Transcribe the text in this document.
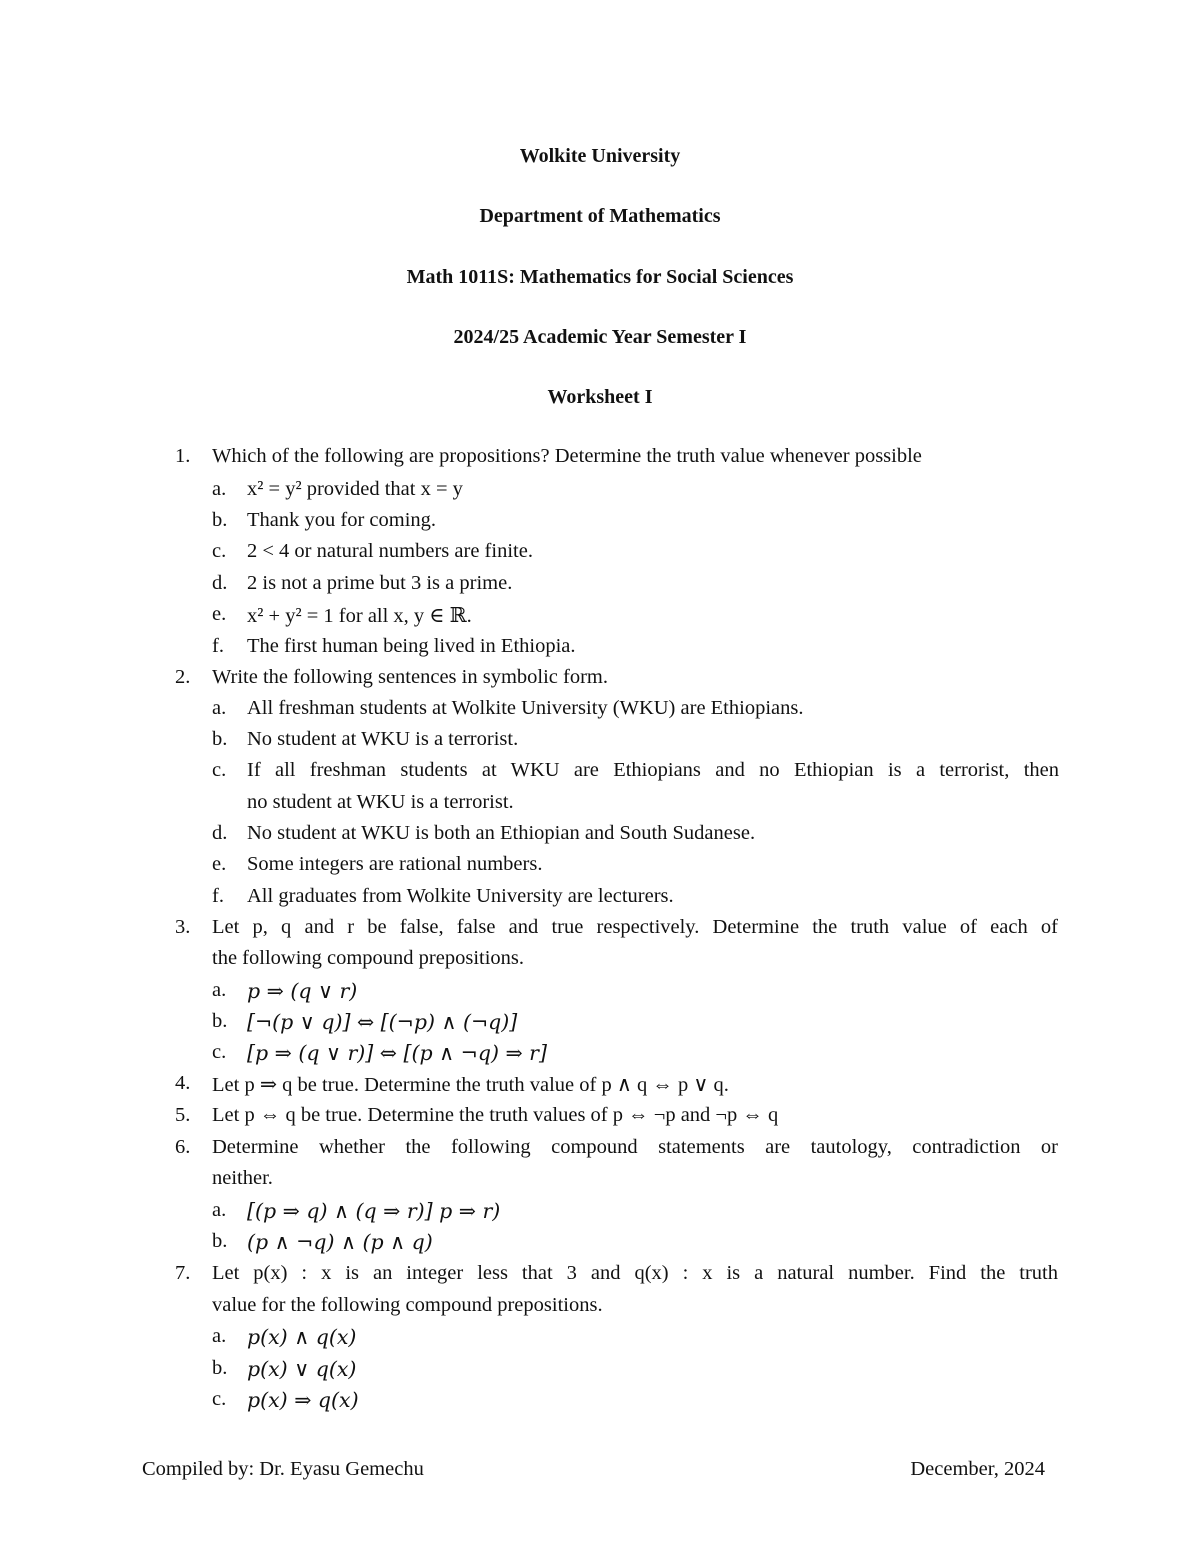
Wolkite University
Department of Mathematics
Math 1011S: Mathematics for Social Sciences
2024/25 Academic Year Semester I
Worksheet I
1. Which of the following are propositions? Determine the truth value whenever possible
a. x² = y² provided that x = y
b. Thank you for coming.
c. 2 < 4 or natural numbers are finite.
d. 2 is not a prime but 3 is a prime.
e. x² + y² = 1 for all x, y ∈ ℝ.
f. The first human being lived in Ethiopia.
2. Write the following sentences in symbolic form.
a. All freshman students at Wolkite University (WKU) are Ethiopians.
b. No student at WKU is a terrorist.
c. If all freshman students at WKU are Ethiopians and no Ethiopian is a terrorist, then
no student at WKU is a terrorist.
d. No student at WKU is both an Ethiopian and South Sudanese.
e. Some integers are rational numbers.
f. All graduates from Wolkite University are lecturers.
3. Let p, q and r be false, false and true respectively. Determine the truth value of each of
the following compound prepositions.
a. p ⇒ (q ∨ r)
b. [¬(p ∨ q)] ⇔ [(¬p) ∧ (¬q)]
c. [p ⇒ (q ∨ r)] ⇔ [(p ∧ ¬q) ⇒ r]
4. Let p ⇒ q be true. Determine the truth value of p ∧ q ⇔ p ∨ q.
5. Let p ⇔ q be true. Determine the truth values of p ⇔ ¬p and ¬p ⇔ q
6. Determine whether the following compound statements are tautology, contradiction or
neither.
a. [(p ⇒ q) ∧ (q ⇒ r)] p ⇒ r)
b. (p ∧ ¬q) ∧ (p ∧ q)
7. Let p(x) : x is an integer less that 3 and q(x) : x is a natural number. Find the truth
value for the following compound prepositions.
a. p(x) ∧ q(x)
b. p(x) ∨ q(x)
c. p(x) ⇒ q(x)
Compiled by: Dr. Eyasu Gemechu	December, 2024
